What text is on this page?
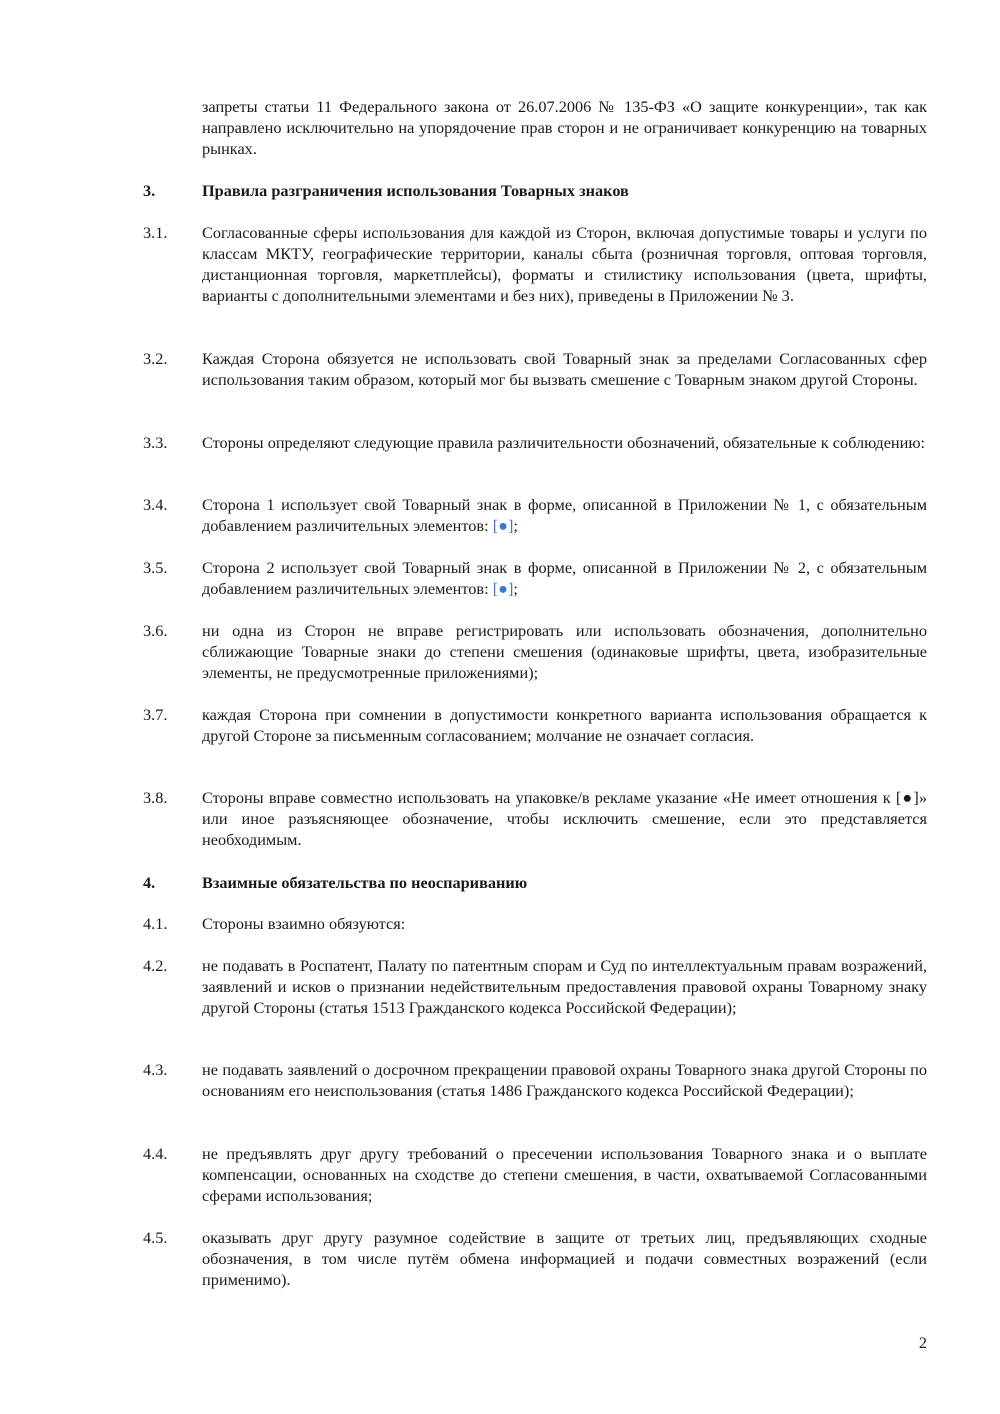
запреты статьи 11 Федерального закона от 26.07.2006 № 135-ФЗ «О защите конкуренции», так как направлено исключительно на упорядочение прав сторон и не ограничивает конкуренцию на товарных рынках.
3.	Правила разграничения использования Товарных знаков
3.1.	Согласованные сферы использования для каждой из Сторон, включая допустимые товары и услуги по классам МКТУ, географические территории, каналы сбыта (розничная торговля, оптовая торговля, дистанционная торговля, маркетплейсы), форматы и стилистику использования (цвета, шрифты, варианты с дополнительными элементами и без них), приведены в Приложении № 3.
3.2.	Каждая Сторона обязуется не использовать свой Товарный знак за пределами Согласованных сфер использования таким образом, который мог бы вызвать смешение с Товарным знаком другой Стороны.
3.3.	Стороны определяют следующие правила различительности обозначений, обязательные к соблюдению:
3.4.	Сторона 1 использует свой Товарный знак в форме, описанной в Приложении № 1, с обязательным добавлением различительных элементов: [●];
3.5.	Сторона 2 использует свой Товарный знак в форме, описанной в Приложении № 2, с обязательным добавлением различительных элементов: [●];
3.6.	ни одна из Сторон не вправе регистрировать или использовать обозначения, дополнительно сближающие Товарные знаки до степени смешения (одинаковые шрифты, цвета, изобразительные элементы, не предусмотренные приложениями);
3.7.	каждая Сторона при сомнении в допустимости конкретного варианта использования обращается к другой Стороне за письменным согласованием; молчание не означает согласия.
3.8.	Стороны вправе совместно использовать на упаковке/в рекламе указание «Не имеет отношения к [●]» или иное разъясняющее обозначение, чтобы исключить смешение, если это представляется необходимым.
4.	Взаимные обязательства по неоспариванию
4.1.	Стороны взаимно обязуются:
4.2.	не подавать в Роспатент, Палату по патентным спорам и Суд по интеллектуальным правам возражений, заявлений и исков о признании недействительным предоставления правовой охраны Товарному знаку другой Стороны (статья 1513 Гражданского кодекса Российской Федерации);
4.3.	не подавать заявлений о досрочном прекращении правовой охраны Товарного знака другой Стороны по основаниям его неиспользования (статья 1486 Гражданского кодекса Российской Федерации);
4.4.	не предъявлять друг другу требований о пресечении использования Товарного знака и о выплате компенсации, основанных на сходстве до степени смешения, в части, охватываемой Согласованными сферами использования;
4.5.	оказывать друг другу разумное содействие в защите от третьих лиц, предъявляющих сходные обозначения, в том числе путём обмена информацией и подачи совместных возражений (если применимо).
2
